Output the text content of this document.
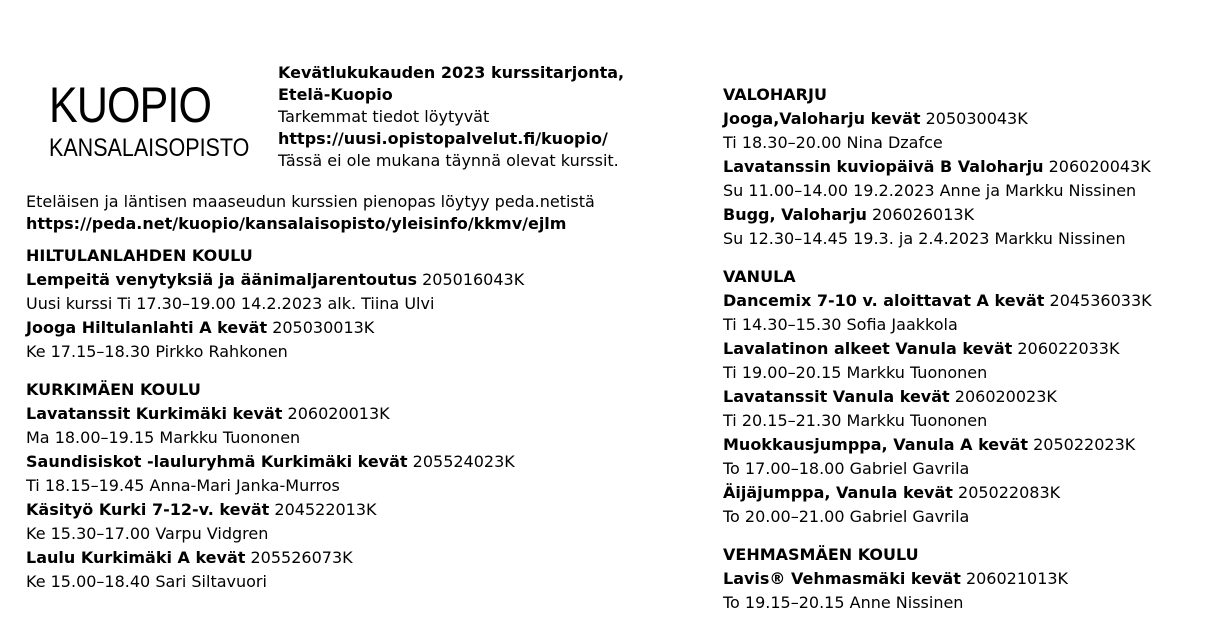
KUOPIO
KANSALAISOPISTO
Kevätlukukauden 2023 kurssitarjonta,
Etelä-Kuopio
Tarkemmat tiedot löytyvät
https://uusi.opistopalvelut.fi/kuopio/
Tässä ei ole mukana täynnä olevat kurssit.
Eteläisen ja läntisen maaseudun kurssien pienopas löytyy peda.netistä
https://peda.net/kuopio/kansalaisopisto/yleisinfo/kkmv/ejlm
HILTULANLAHDEN KOULU
Lempeitä venytyksiä ja äänimaljarentoutus 205016043K
Uusi kurssi Ti 17.30–19.00 14.2.2023 alk. Tiina Ulvi
Jooga Hiltulanlahti A kevät 205030013K
Ke 17.15–18.30 Pirkko Rahkonen
KURKIMÄEN KOULU
Lavatanssit Kurkimäki kevät 206020013K
Ma 18.00–19.15 Markku Tuononen
Saundisiskot -lauluryhmä Kurkimäki kevät 205524023K
Ti 18.15–19.45 Anna-Mari Janka-Murros
Käsityö Kurki 7-12-v. kevät 204522013K
Ke 15.30–17.00 Varpu Vidgren
Laulu Kurkimäki A kevät 205526073K
Ke 15.00–18.40 Sari Siltavuori
VALOHARJU
Jooga,Valoharju kevät 205030043K
Ti 18.30–20.00 Nina Dzafce
Lavatanssin kuviopäivä B Valoharju 206020043K
Su 11.00–14.00 19.2.2023 Anne ja Markku Nissinen
Bugg, Valoharju 206026013K
Su 12.30–14.45 19.3. ja 2.4.2023 Markku Nissinen
VANULA
Dancemix 7-10 v. aloittavat A kevät 204536033K
Ti 14.30–15.30 Sofia Jaakkola
Lavalatinon alkeet Vanula kevät 206022033K
Ti 19.00–20.15 Markku Tuononen
Lavatanssit Vanula kevät 206020023K
Ti 20.15–21.30 Markku Tuononen
Muokkausjumppa, Vanula A kevät 205022023K
To 17.00–18.00 Gabriel Gavrila
Äijäjumppa, Vanula kevät 205022083K
To 20.00–21.00 Gabriel Gavrila
VEHMASMÄEN KOULU
Lavis® Vehmasmäki kevät 206021013K
To 19.15–20.15 Anne Nissinen
